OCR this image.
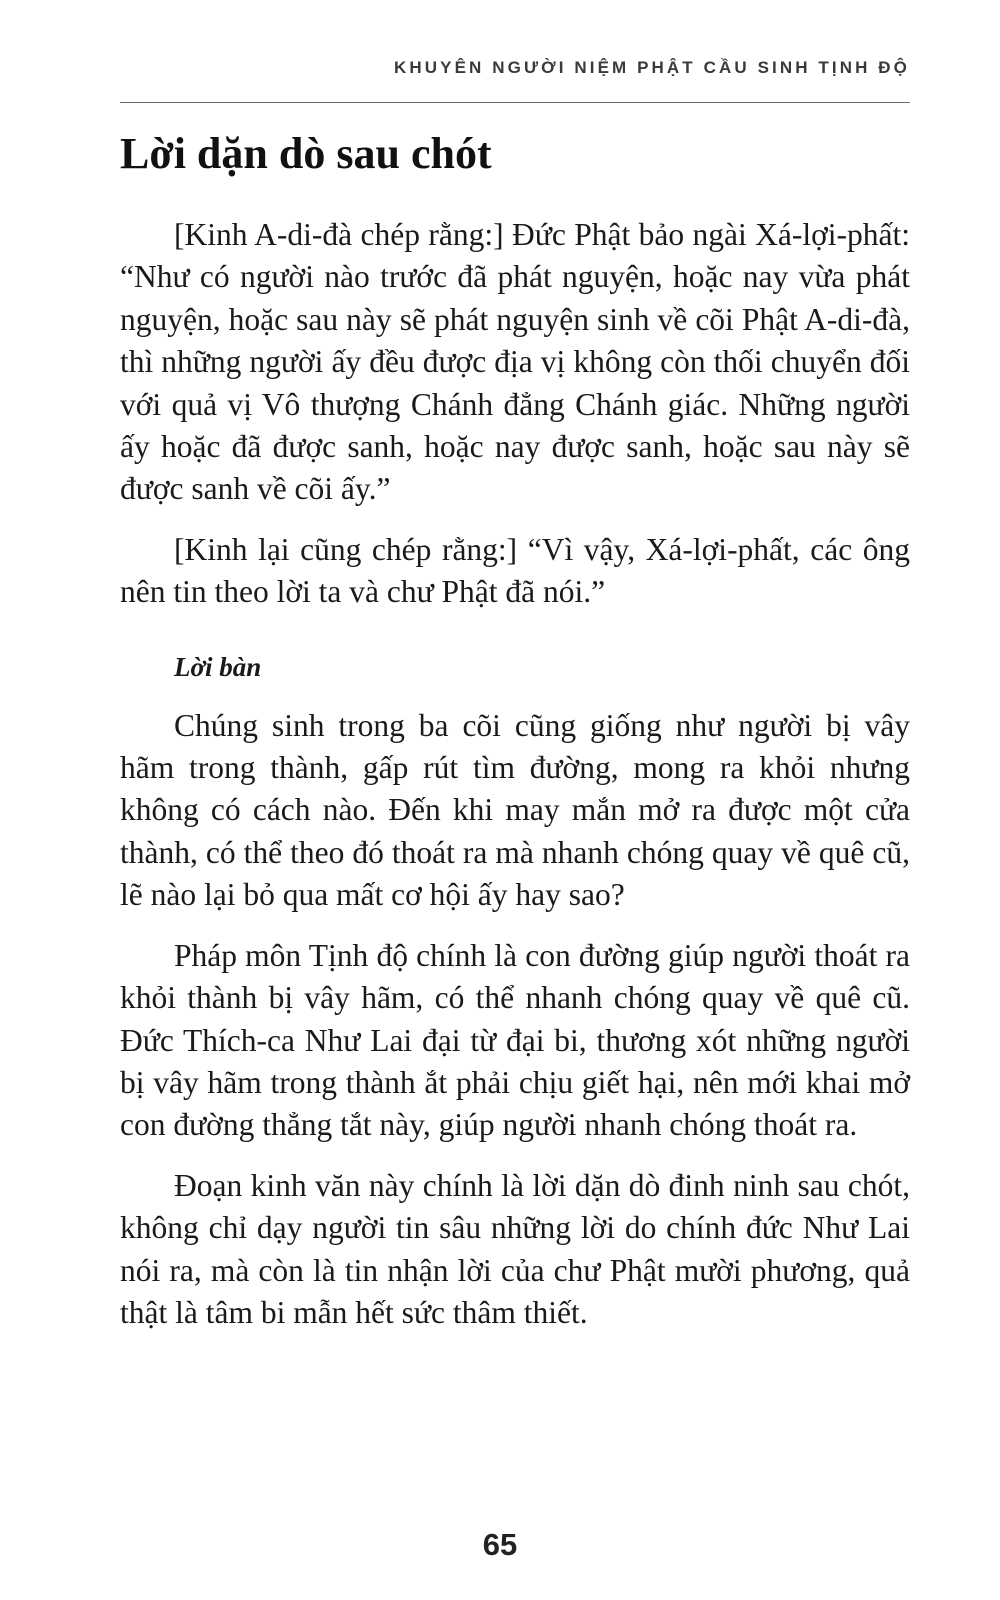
KHUYÊN NGƯỜI NIỆM PHẬT CẦU SINH TỊNH ĐỘ
Lời dặn dò sau chót

[Kinh A-di-đà chép rằng:] Đức Phật bảo ngài Xá-lợi-phất: “Như có người nào trước đã phát nguyện, hoặc nay vừa phát nguyện, hoặc sau này sẽ phát nguyện sinh về cõi Phật A-di-đà, thì những người ấy đều được địa vị không còn thối chuyển đối với quả vị Vô thượng Chánh đẳng Chánh giác. Những người ấy hoặc đã được sanh, hoặc nay được sanh, hoặc sau này sẽ được sanh về cõi ấy.”

[Kinh lại cũng chép rằng:] “Vì vậy, Xá-lợi-phất, các ông nên tin theo lời ta và chư Phật đã nói.”

Lời bàn

Chúng sinh trong ba cõi cũng giống như người bị vây hãm trong thành, gấp rút tìm đường, mong ra khỏi nhưng không có cách nào. Đến khi may mắn mở ra được một cửa thành, có thể theo đó thoát ra mà nhanh chóng quay về quê cũ, lẽ nào lại bỏ qua mất cơ hội ấy hay sao?

Pháp môn Tịnh độ chính là con đường giúp người thoát ra khỏi thành bị vây hãm, có thể nhanh chóng quay về quê cũ. Đức Thích-ca Như Lai đại từ đại bi, thương xót những người bị vây hãm trong thành ắt phải chịu giết hại, nên mới khai mở con đường thẳng tắt này, giúp người nhanh chóng thoát ra.

Đoạn kinh văn này chính là lời dặn dò đinh ninh sau chót, không chỉ dạy người tin sâu những lời do chính đức Như Lai nói ra, mà còn là tin nhận lời của chư Phật mười phương, quả thật là tâm bi mẫn hết sức thâm thiết.

65
